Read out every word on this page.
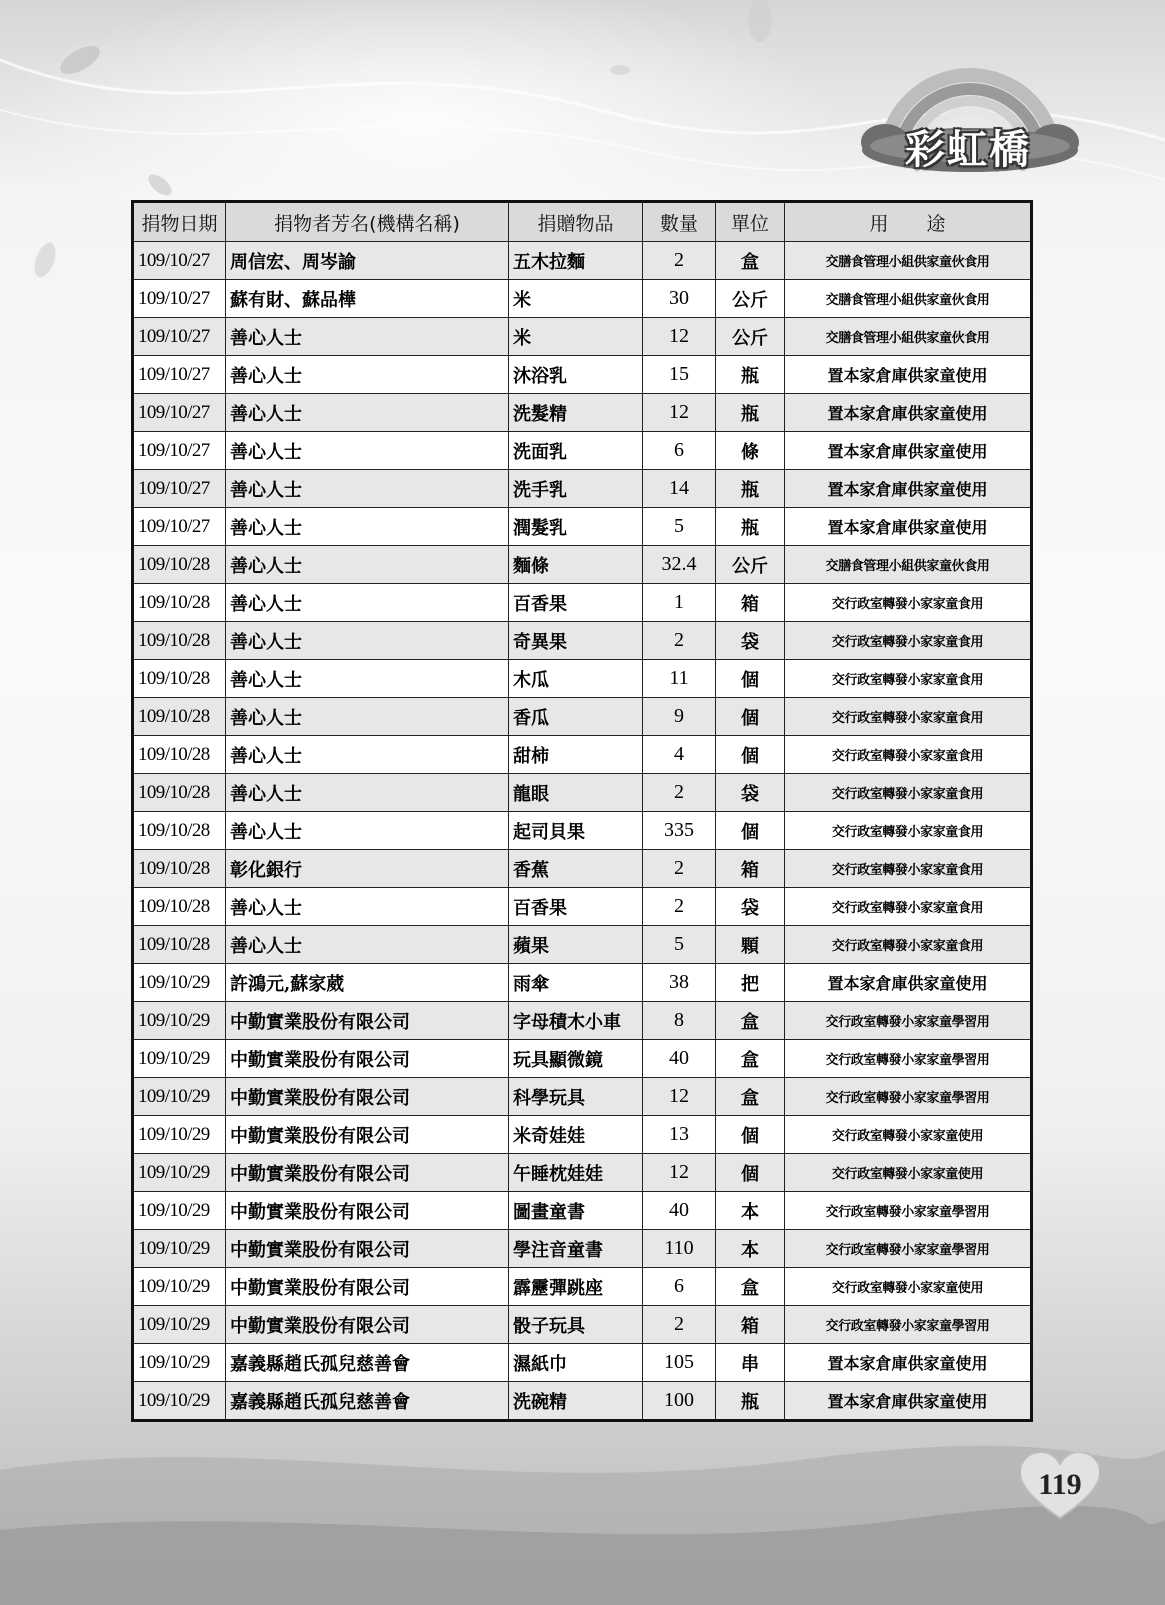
彩虹橋
捐物日期	捐物者芳名(機構名稱)	捐贈物品	數量	單位	用　　途
109/10/27	周信宏、周岑諭	五木拉麵	2	盒	交膳食管理小組供家童伙食用
109/10/27	蘇有財、蘇品樺	米	30	公斤	交膳食管理小組供家童伙食用
109/10/27	善心人士	米	12	公斤	交膳食管理小組供家童伙食用
109/10/27	善心人士	沐浴乳	15	瓶	置本家倉庫供家童使用
109/10/27	善心人士	洗髮精	12	瓶	置本家倉庫供家童使用
109/10/27	善心人士	洗面乳	6	條	置本家倉庫供家童使用
109/10/27	善心人士	洗手乳	14	瓶	置本家倉庫供家童使用
109/10/27	善心人士	潤髮乳	5	瓶	置本家倉庫供家童使用
109/10/28	善心人士	麵條	32.4	公斤	交膳食管理小組供家童伙食用
109/10/28	善心人士	百香果	1	箱	交行政室轉發小家家童食用
109/10/28	善心人士	奇異果	2	袋	交行政室轉發小家家童食用
109/10/28	善心人士	木瓜	11	個	交行政室轉發小家家童食用
109/10/28	善心人士	香瓜	9	個	交行政室轉發小家家童食用
109/10/28	善心人士	甜柿	4	個	交行政室轉發小家家童食用
109/10/28	善心人士	龍眼	2	袋	交行政室轉發小家家童食用
109/10/28	善心人士	起司貝果	335	個	交行政室轉發小家家童食用
109/10/28	彰化銀行	香蕉	2	箱	交行政室轉發小家家童食用
109/10/28	善心人士	百香果	2	袋	交行政室轉發小家家童食用
109/10/28	善心人士	蘋果	5	顆	交行政室轉發小家家童食用
109/10/29	許鴻元,蘇家葳	雨傘	38	把	置本家倉庫供家童使用
109/10/29	中勤實業股份有限公司	字母積木小車	8	盒	交行政室轉發小家家童學習用
109/10/29	中勤實業股份有限公司	玩具顯微鏡	40	盒	交行政室轉發小家家童學習用
109/10/29	中勤實業股份有限公司	科學玩具	12	盒	交行政室轉發小家家童學習用
109/10/29	中勤實業股份有限公司	米奇娃娃	13	個	交行政室轉發小家家童使用
109/10/29	中勤實業股份有限公司	午睡枕娃娃	12	個	交行政室轉發小家家童使用
109/10/29	中勤實業股份有限公司	圖畫童書	40	本	交行政室轉發小家家童學習用
109/10/29	中勤實業股份有限公司	學注音童書	110	本	交行政室轉發小家家童學習用
109/10/29	中勤實業股份有限公司	霹靂彈跳座	6	盒	交行政室轉發小家家童使用
109/10/29	中勤實業股份有限公司	骰子玩具	2	箱	交行政室轉發小家家童學習用
109/10/29	嘉義縣趙氏孤兒慈善會	濕紙巾	105	串	置本家倉庫供家童使用
109/10/29	嘉義縣趙氏孤兒慈善會	洗碗精	100	瓶	置本家倉庫供家童使用
119
